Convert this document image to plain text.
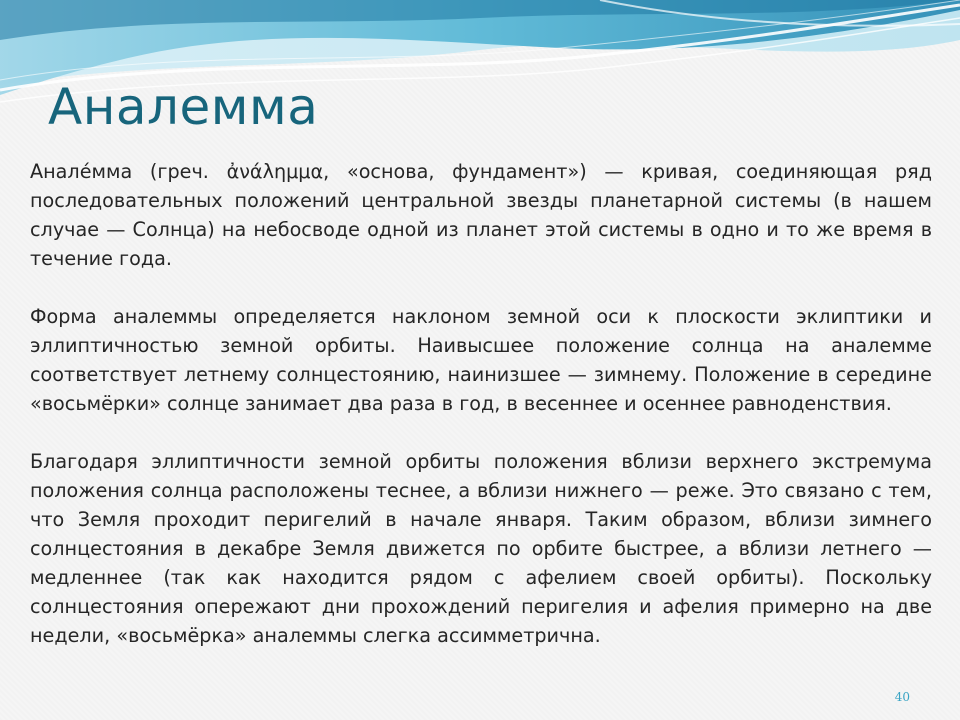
Аналемма

Анале́мма (греч. ἀνάλημμα, «основа, фундамент») — кривая, соединяющая ряд последовательных положений центральной звезды планетарной системы (в нашем случае — Солнца) на небосводе одной из планет этой системы в одно и то же время в течение года.

Форма аналеммы определяется наклоном земной оси к плоскости эклиптики и эллиптичностью земной орбиты. Наивысшее положение солнца на аналемме соответствует летнему солнцестоянию, наинизшее — зимнему. Положение в середине «восьмёрки» солнце занимает два раза в год, в весеннее и осеннее равноденствия.

Благодаря эллиптичности земной орбиты положения вблизи верхнего экстремума положения солнца расположены теснее, а вблизи нижнего — реже. Это связано с тем, что Земля проходит перигелий в начале января. Таким образом, вблизи зимнего солнцестояния в декабре Земля движется по орбите быстрее, а вблизи летнего — медленнее (так как находится рядом с афелием своей орбиты). Поскольку солнцестояния опережают дни прохождений перигелия и афелия примерно на две недели, «восьмёрка» аналеммы слегка ассимметрична.

40
